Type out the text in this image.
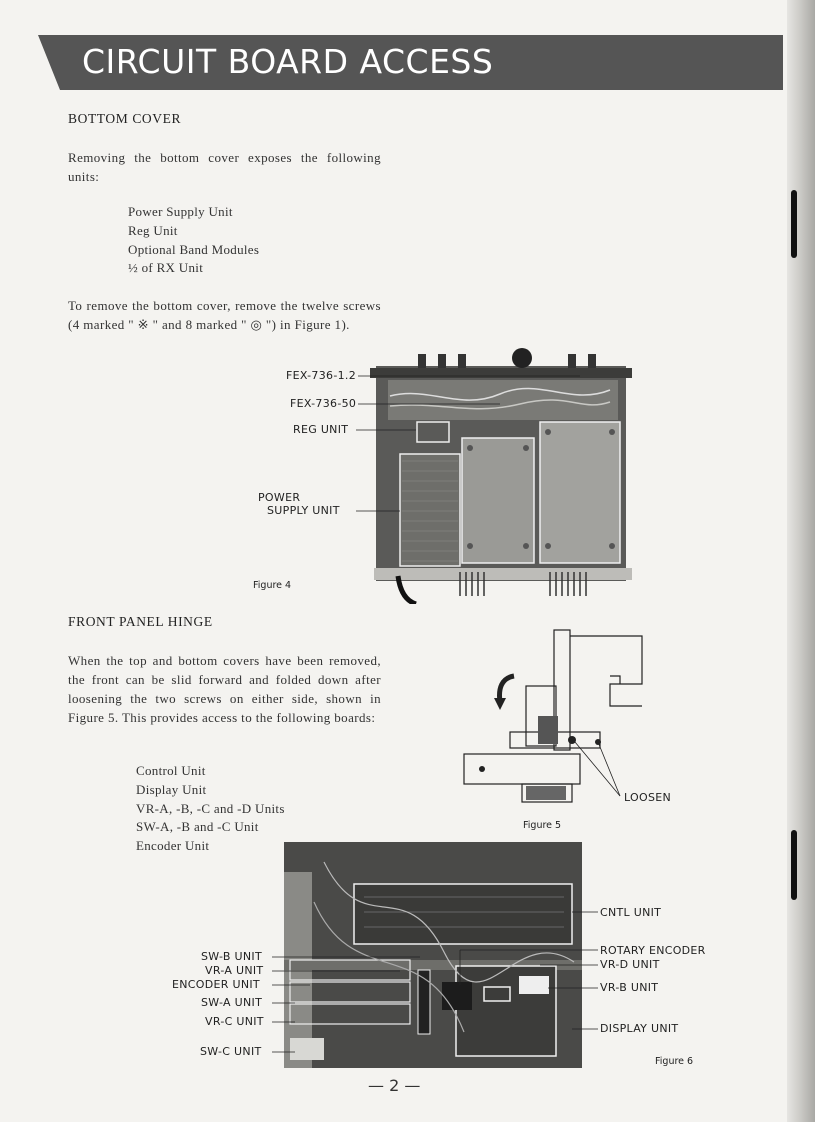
CIRCUIT BOARD ACCESS
BOTTOM COVER
Removing the bottom cover exposes the following units:
Power Supply Unit
Reg Unit
Optional Band Modules
½ of RX Unit
To remove the bottom cover, remove the twelve screws (4 marked " ※ " and 8 marked " ◎ ") in Figure 1).
FEX-736-1.2
FEX-736-50
REG UNIT
POWER
SUPPLY UNIT
Figure 4
FRONT PANEL HINGE
When the top and bottom covers have been removed, the front can be slid forward and folded down after loosening the two screws on either side, shown in Figure 5. This provides access to the following boards:
Control Unit
Display Unit
VR-A, -B, -C and -D Units
SW-A, -B and -C Unit
Encoder Unit
LOOSEN
Figure 5
SW-B UNIT
VR-A UNIT
ENCODER UNIT
SW-A UNIT
VR-C UNIT
SW-C UNIT
CNTL UNIT
ROTARY ENCODER
VR-D UNIT
VR-B UNIT
DISPLAY UNIT
Figure 6
— 2 —
